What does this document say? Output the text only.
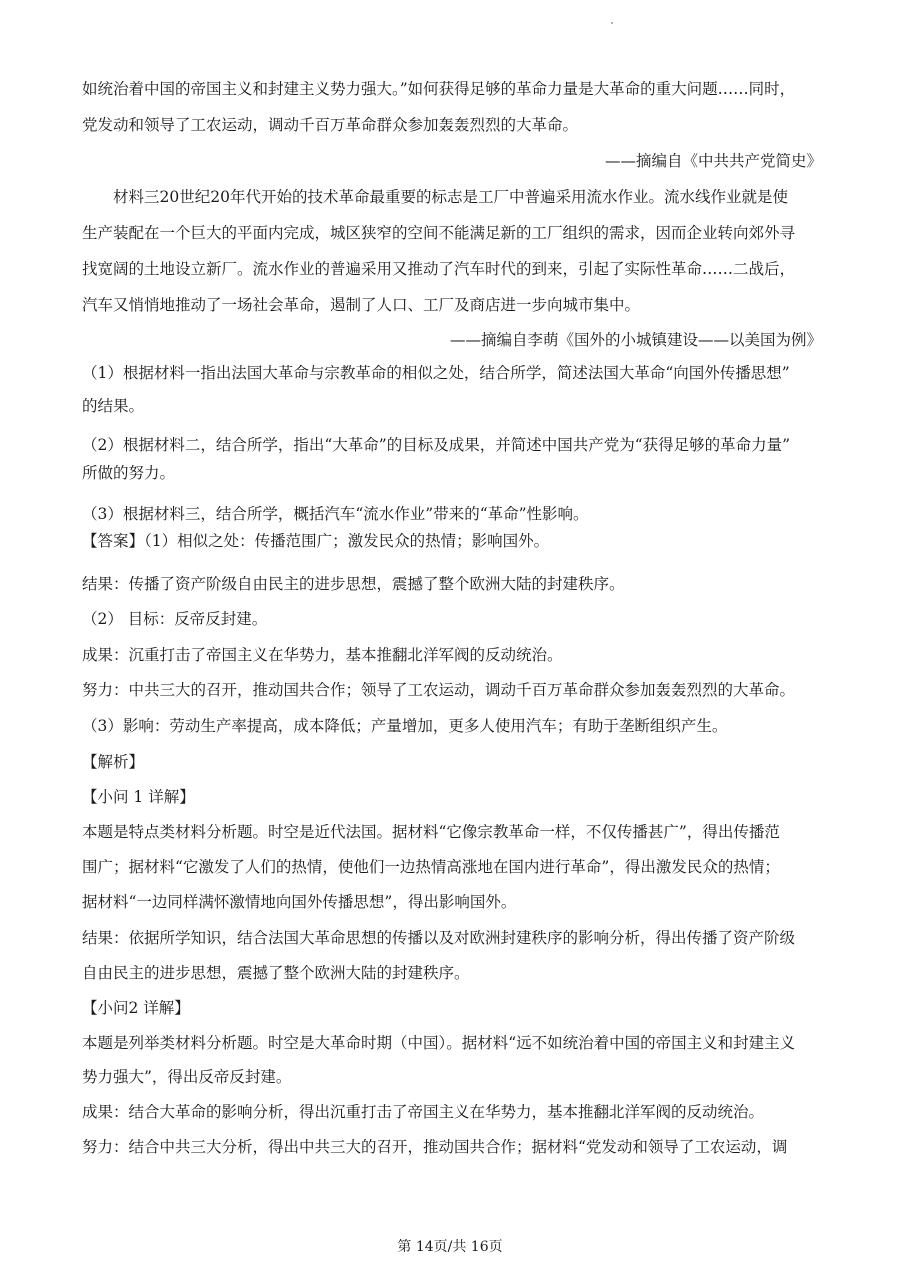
如统治着中国的帝国主义和封建主义势力强大。”如何获得足够的革命力量是大革命的重大问题……同时，
党发动和领导了工农运动，调动千百万革命群众参加轰轰烈烈的大革命。
——摘编自《中共共产党简史》
材料三20世纪20年代开始的技术革命最重要的标志是工厂中普遍采用流水作业。流水线作业就是使
生产装配在一个巨大的平面内完成，城区狭窄的空间不能满足新的工厂组织的需求，因而企业转向郊外寻
找宽阔的土地设立新厂。流水作业的普遍采用又推动了汽车时代的到来，引起了实际性革命……二战后，
汽车又悄悄地推动了一场社会革命，遏制了人口、工厂及商店进一步向城市集中。
——摘编自李萌《国外的小城镇建设——以美国为例》
（1）根据材料一指出法国大革命与宗教革命的相似之处，结合所学，简述法国大革命“向国外传播思想”
的结果。
（2）根据材料二，结合所学，指出“大革命”的目标及成果，并简述中国共产党为“获得足够的革命力量”
所做的努力。
（3）根据材料三，结合所学，概括汽车“流水作业”带来的“革命”性影响。
【答案】（1）相似之处：传播范围广；激发民众的热情；影响国外。
结果：传播了资产阶级自由民主的进步思想，震撼了整个欧洲大陆的封建秩序。
（2） 目标：反帝反封建。
成果：沉重打击了帝国主义在华势力，基本推翻北洋军阀的反动统治。
努力：中共三大的召开，推动国共合作；领导了工农运动，调动千百万革命群众参加轰轰烈烈的大革命。
（3）影响：劳动生产率提高，成本降低；产量增加，更多人使用汽车；有助于垄断组织产生。
【解析】
【小问 1 详解】
本题是特点类材料分析题。时空是近代法国。据材料“它像宗教革命一样，不仅传播甚广”，得出传播范
围广；据材料“它激发了人们的热情，使他们一边热情高涨地在国内进行革命”，得出激发民众的热情；
据材料“一边同样满怀激情地向国外传播思想”，得出影响国外。
结果：依据所学知识，结合法国大革命思想的传播以及对欧洲封建秩序的影响分析，得出传播了资产阶级
自由民主的进步思想，震撼了整个欧洲大陆的封建秩序。
【小问2 详解】
本题是列举类材料分析题。时空是大革命时期（中国）。据材料“远不如统治着中国的帝国主义和封建主义
势力强大”，得出反帝反封建。
成果：结合大革命的影响分析，得出沉重打击了帝国主义在华势力，基本推翻北洋军阀的反动统治。
努力：结合中共三大分析，得出中共三大的召开，推动国共合作；据材料“党发动和领导了工农运动，调
第 14页/共 16页
